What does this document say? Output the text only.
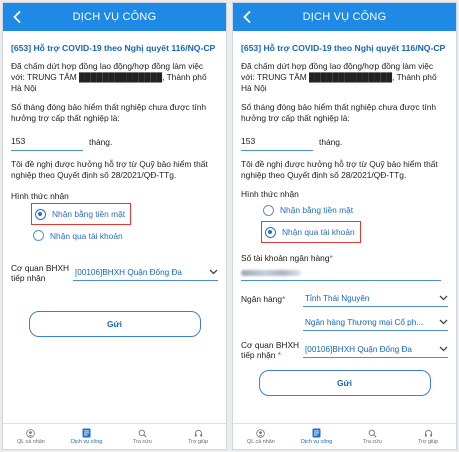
DỊCH VỤ CÔNG
[653] Hỗ trợ COVID-19 theo Nghị quyết 116/NQ-CP
Đã chấm dứt hợp đồng lao động/hợp đồng làm việc với: TRUNG TÂM ██████████████, Thành phố Hà Nội
Số tháng đóng bảo hiểm thất nghiệp chưa được tính hưởng trợ cấp thất nghiệp là:
153	tháng.
Tôi đề nghị được hưởng hỗ trợ từ Quỹ bảo hiểm thất nghiệp theo Quyết định số 28/2021/QĐ-TTg.
Hình thức nhận
Nhận bằng tiền mặt
Nhận qua tài khoản
Cơ quan BHXH tiếp nhận
[00106]BHXH Quận Đống Đa
Gửi
QL cá nhân	Dịch vụ công	Tra cứu	Trợ giúp
DỊCH VỤ CÔNG
[653] Hỗ trợ COVID-19 theo Nghị quyết 116/NQ-CP
Đã chấm dứt hợp đồng lao động/hợp đồng làm việc với: TRUNG TÂM ██████████████, Thành phố Hà Nội
Số tháng đóng bảo hiểm thất nghiệp chưa được tính hưởng trợ cấp thất nghiệp là:
153	tháng.
Tôi đề nghị được hưởng hỗ trợ từ Quỹ bảo hiểm thất nghiệp theo Quyết định số 28/2021/QĐ-TTg.
Hình thức nhận
Nhận bằng tiền mặt
Nhận qua tài khoản
Số tài khoản ngân hàng*
Ngân hàng*	Tỉnh Thái Nguyên
Ngân hàng Thương mại Cổ ph...
Cơ quan BHXH tiếp nhận *
[00106]BHXH Quận Đống Đa
Gửi
QL cá nhân	Dịch vụ công	Tra cứu	Trợ giúp
